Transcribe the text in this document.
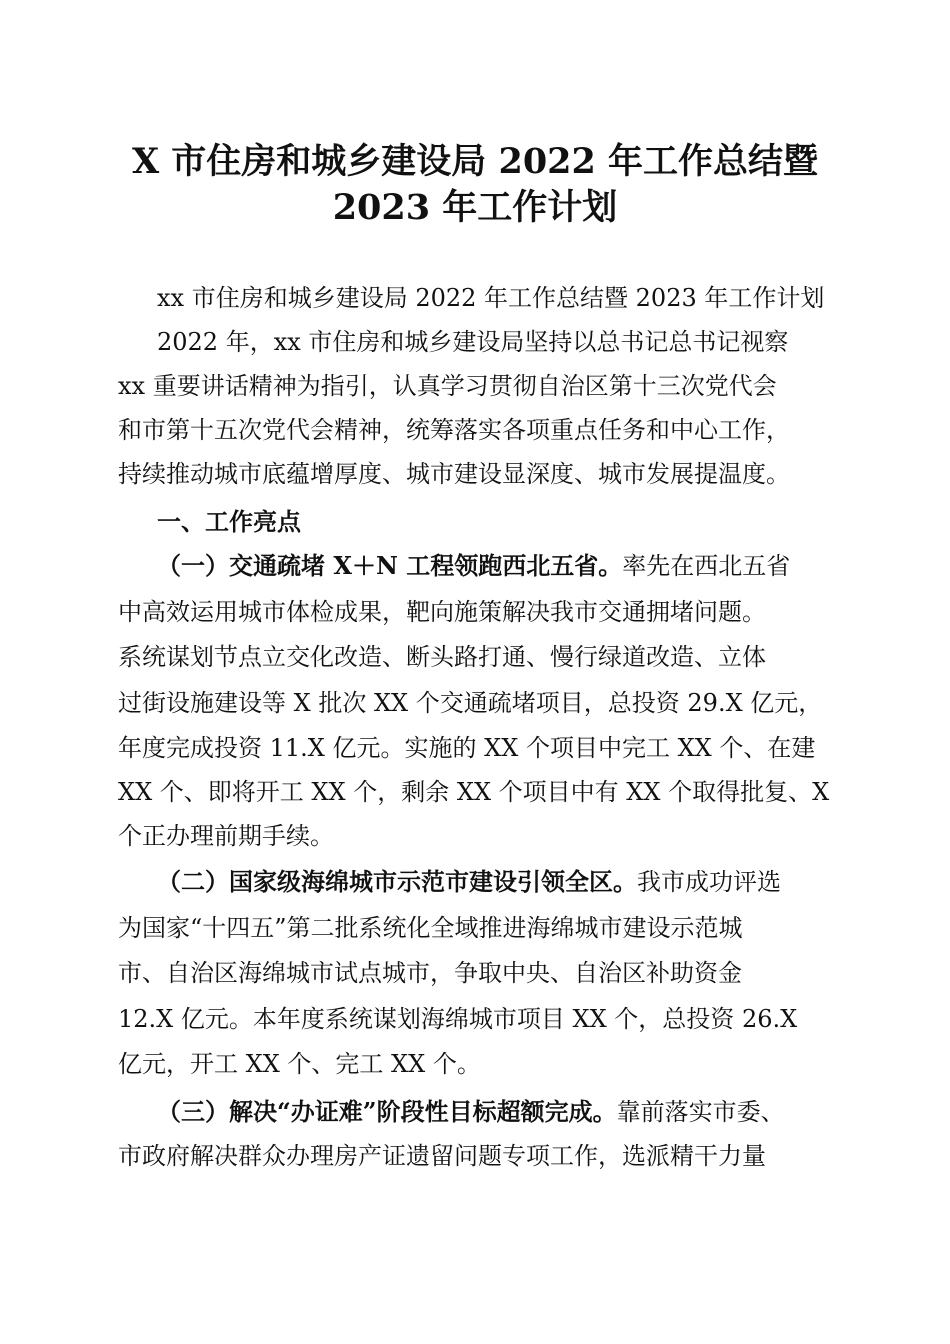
X 市住房和城乡建设局 2022 年工作总结暨
2023 年工作计划
xx 市住房和城乡建设局 2022 年工作总结暨 2023 年工作计划
2022 年，xx 市住房和城乡建设局坚持以总书记总书记视察
xx 重要讲话精神为指引，认真学习贯彻自治区第十三次党代会
和市第十五次党代会精神，统筹落实各项重点任务和中心工作，
持续推动城市底蕴增厚度、城市建设显深度、城市发展提温度。
一、工作亮点
（一）交通疏堵 X＋N 工程领跑西北五省。率先在西北五省
中高效运用城市体检成果，靶向施策解决我市交通拥堵问题。
系统谋划节点立交化改造、断头路打通、慢行绿道改造、立体
过街设施建设等 X 批次 XX 个交通疏堵项目，总投资 29.X 亿元，
年度完成投资 11.X 亿元。实施的 XX 个项目中完工 XX 个、在建
XX 个、即将开工 XX 个，剩余 XX 个项目中有 XX 个取得批复、X
个正办理前期手续。
（二）国家级海绵城市示范市建设引领全区。我市成功评选
为国家“十四五”第二批系统化全域推进海绵城市建设示范城
市、自治区海绵城市试点城市，争取中央、自治区补助资金
12.X 亿元。本年度系统谋划海绵城市项目 XX 个，总投资 26.X
亿元，开工 XX 个、完工 XX 个。
（三）解决“办证难”阶段性目标超额完成。靠前落实市委、
市政府解决群众办理房产证遗留问题专项工作，选派精干力量
